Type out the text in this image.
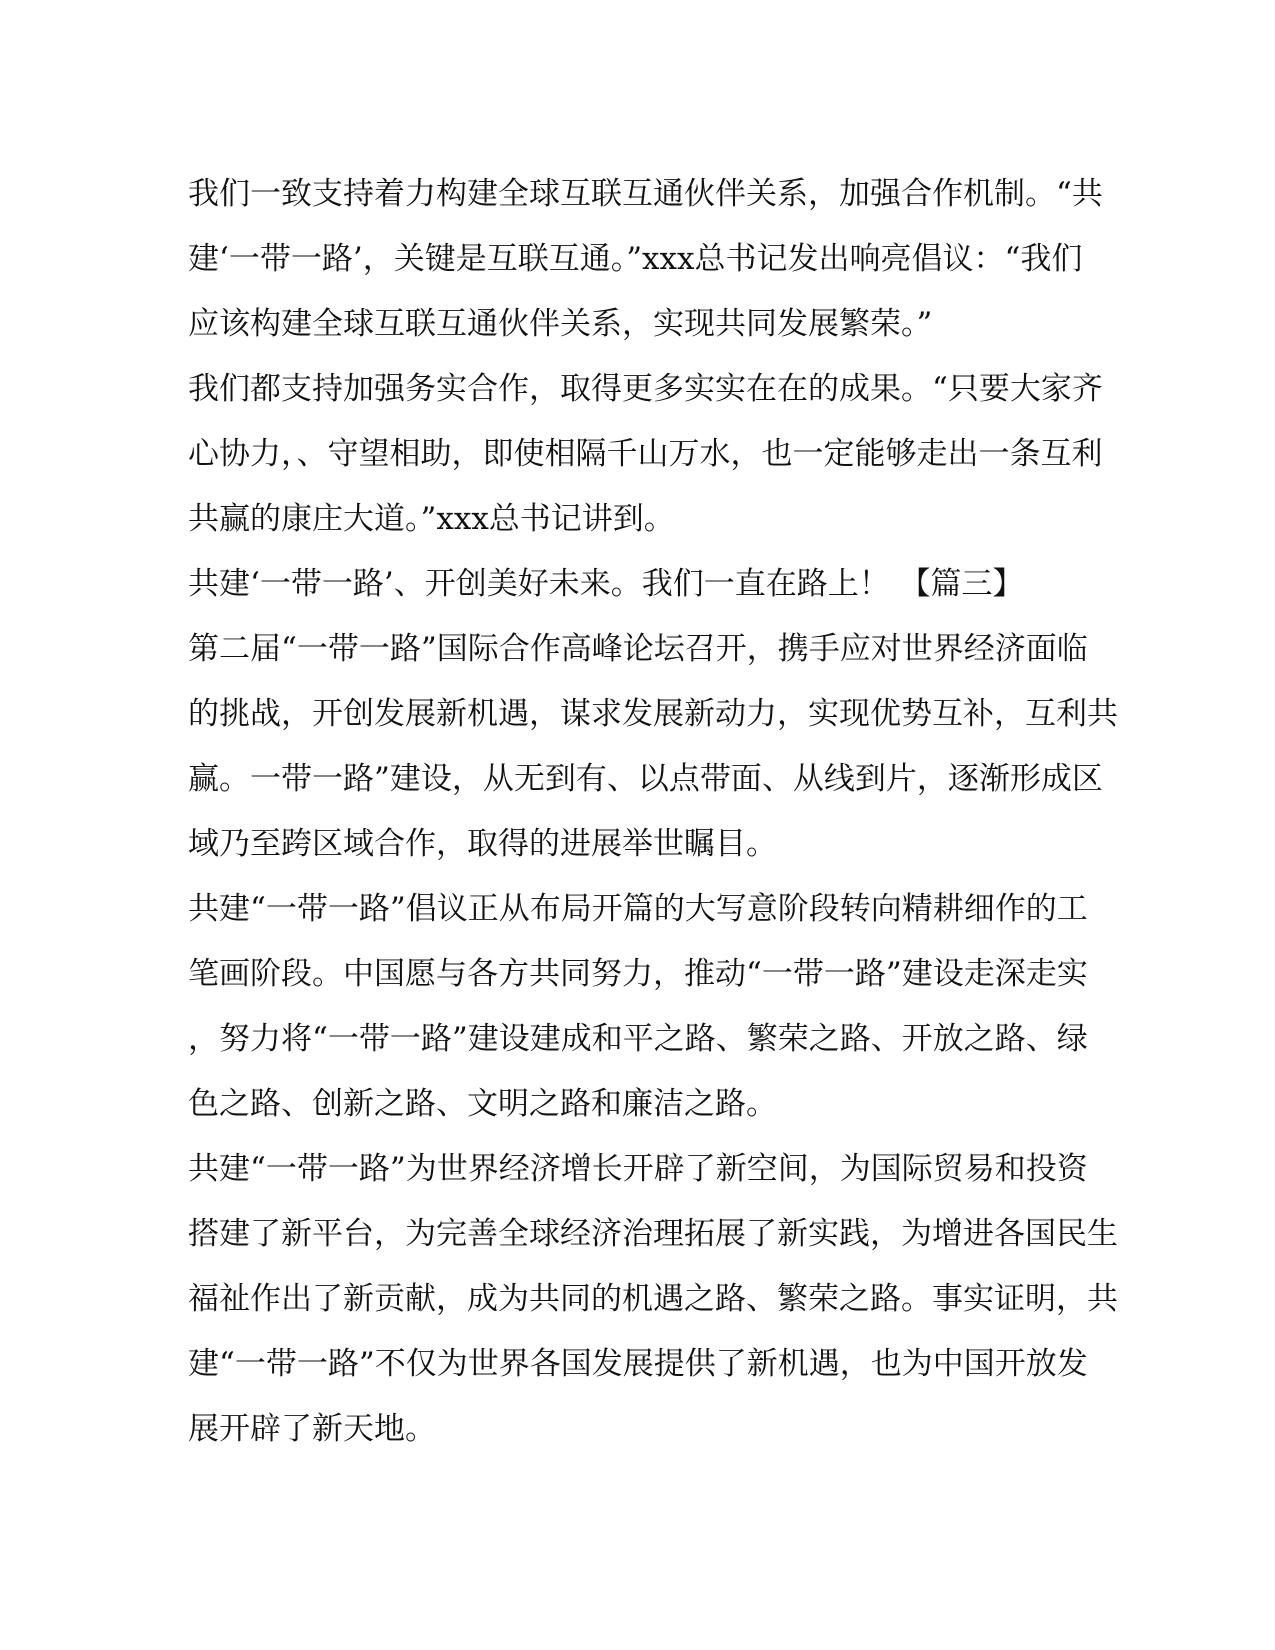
我们一致支持着力构建全球互联互通伙伴关系，加强合作机制。“共
建‘一带一路’，关键是互联互通。”xxx总书记发出响亮倡议：“我们
应该构建全球互联互通伙伴关系，实现共同发展繁荣。”
我们都支持加强务实合作，取得更多实实在在的成果。“只要大家齐
心协力，、守望相助，即使相隔千山万水，也一定能够走出一条互利
共赢的康庄大道。”xxx总书记讲到。
共建‘一带一路’、开创美好未来。我们一直在路上！ 【篇三】
第二届“一带一路”国际合作高峰论坛召开，携手应对世界经济面临
的挑战，开创发展新机遇，谋求发展新动力，实现优势互补，互利共
赢。一带一路”建设，从无到有、以点带面、从线到片，逐渐形成区
域乃至跨区域合作，取得的进展举世瞩目。
共建“一带一路”倡议正从布局开篇的大写意阶段转向精耕细作的工
笔画阶段。中国愿与各方共同努力，推动“一带一路”建设走深走实
，努力将“一带一路”建设建成和平之路、繁荣之路、开放之路、绿
色之路、创新之路、文明之路和廉洁之路。
共建“一带一路”为世界经济增长开辟了新空间，为国际贸易和投资
搭建了新平台，为完善全球经济治理拓展了新实践，为增进各国民生
福祉作出了新贡献，成为共同的机遇之路、繁荣之路。事实证明，共
建“一带一路”不仅为世界各国发展提供了新机遇，也为中国开放发
展开辟了新天地。
